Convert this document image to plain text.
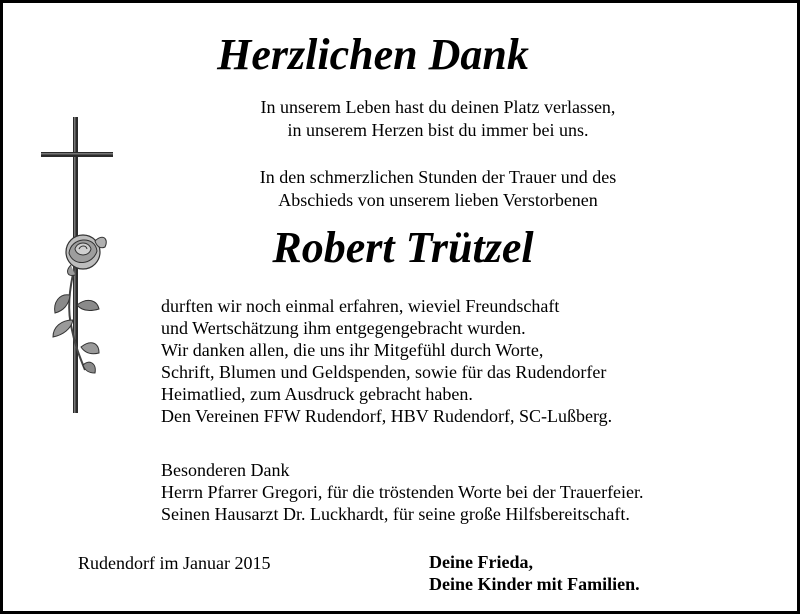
Herzlichen Dank
In unserem Leben hast du deinen Platz verlassen,
in unserem Herzen bist du immer bei uns.
In den schmerzlichen Stunden der Trauer und des
Abschieds von unserem lieben Verstorbenen
Robert Trützel
durften wir noch einmal erfahren, wieviel Freundschaft
und Wertschätzung ihm entgegengebracht wurden.
Wir danken allen, die uns ihr Mitgefühl durch Worte,
Schrift, Blumen und Geldspenden, sowie für das Rudendorfer
Heimatlied, zum Ausdruck gebracht haben.
Den Vereinen FFW Rudendorf, HBV Rudendorf, SC-Lußberg.
Besonderen Dank
Herrn Pfarrer Gregori, für die tröstenden Worte bei der Trauerfeier.
Seinen Hausarzt Dr. Luckhardt, für seine große Hilfsbereitschaft.
Rudendorf im Januar 2015	Deine Frieda,
Deine Kinder mit Familien.
